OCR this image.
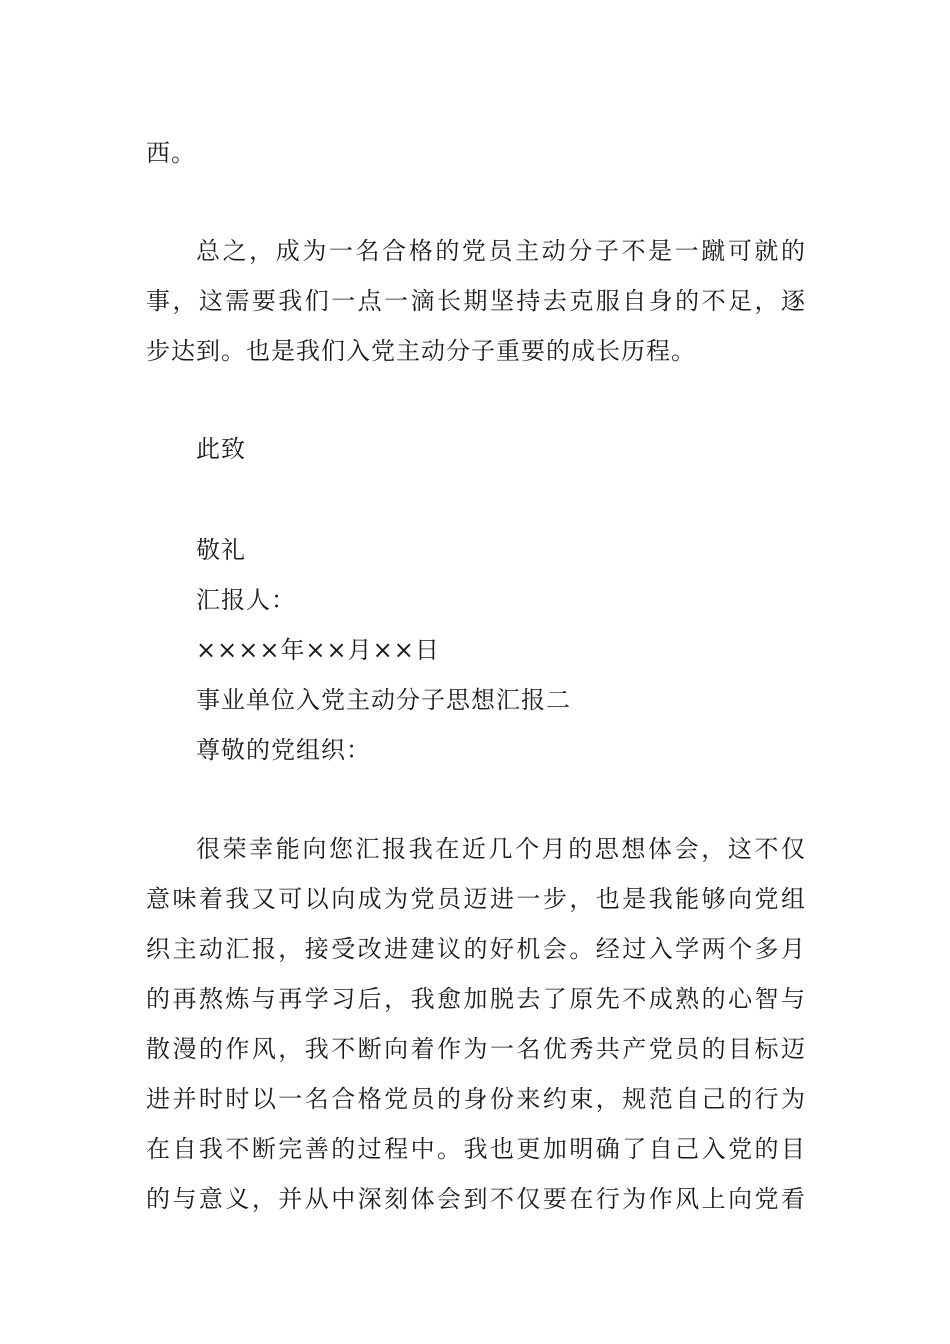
西。
总之，成为一名合格的党员主动分子不是一蹴可就的
事，这需要我们一点一滴长期坚持去克服自身的不足，逐
步达到。也是我们入党主动分子重要的成长历程。
此致
敬礼
汇报人：
××××年××月××日
事业单位入党主动分子思想汇报二
尊敬的党组织：
很荣幸能向您汇报我在近几个月的思想体会，这不仅
意味着我又可以向成为党员迈进一步，也是我能够向党组
织主动汇报，接受改进建议的好机会。经过入学两个多月
的再熬炼与再学习后，我愈加脱去了原先不成熟的心智与
散漫的作风，我不断向着作为一名优秀共产党员的目标迈
进并时时以一名合格党员的身份来约束，规范自己的行为
在自我不断完善的过程中。我也更加明确了自己入党的目
的与意义，并从中深刻体会到不仅要在行为作风上向党看
